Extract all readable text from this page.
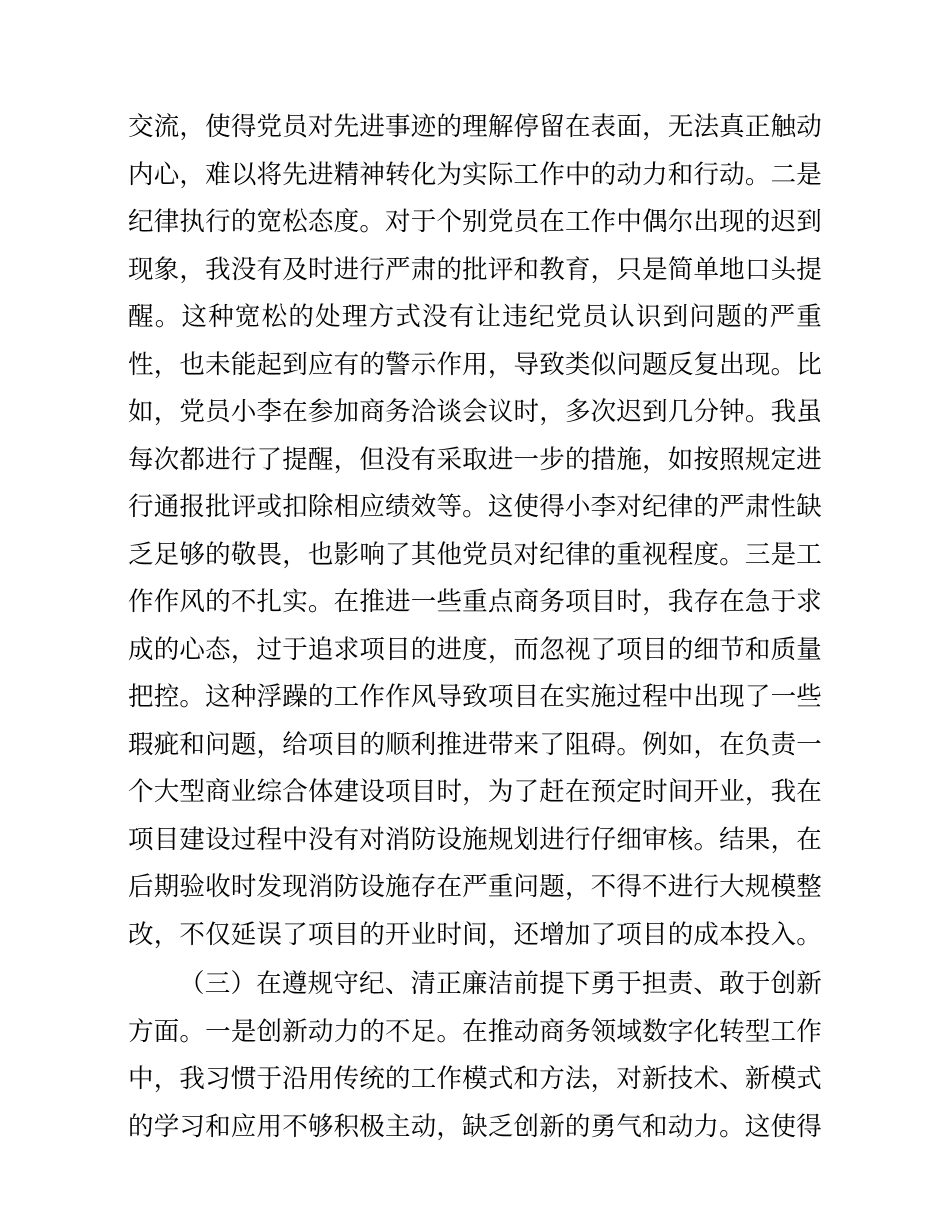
交流，使得党员对先进事迹的理解停留在表面，无法真正触动内心，难以将先进精神转化为实际工作中的动力和行动。二是纪律执行的宽松态度。对于个别党员在工作中偶尔出现的迟到现象，我没有及时进行严肃的批评和教育，只是简单地口头提醒。这种宽松的处理方式没有让违纪党员认识到问题的严重性，也未能起到应有的警示作用，导致类似问题反复出现。比如，党员小李在参加商务洽谈会议时，多次迟到几分钟。我虽每次都进行了提醒，但没有采取进一步的措施，如按照规定进行通报批评或扣除相应绩效等。这使得小李对纪律的严肃性缺乏足够的敬畏，也影响了其他党员对纪律的重视程度。三是工作作风的不扎实。在推进一些重点商务项目时，我存在急于求成的心态，过于追求项目的进度，而忽视了项目的细节和质量把控。这种浮躁的工作作风导致项目在实施过程中出现了一些瑕疵和问题，给项目的顺利推进带来了阻碍。例如，在负责一个大型商业综合体建设项目时，为了赶在预定时间开业，我在项目建设过程中没有对消防设施规划进行仔细审核。结果，在后期验收时发现消防设施存在严重问题，不得不进行大规模整改，不仅延误了项目的开业时间，还增加了项目的成本投入。

（三）在遵规守纪、清正廉洁前提下勇于担责、敢于创新方面。一是创新动力的不足。在推动商务领域数字化转型工作中，我习惯于沿用传统的工作模式和方法，对新技术、新模式的学习和应用不够积极主动，缺乏创新的勇气和动力。这使得
